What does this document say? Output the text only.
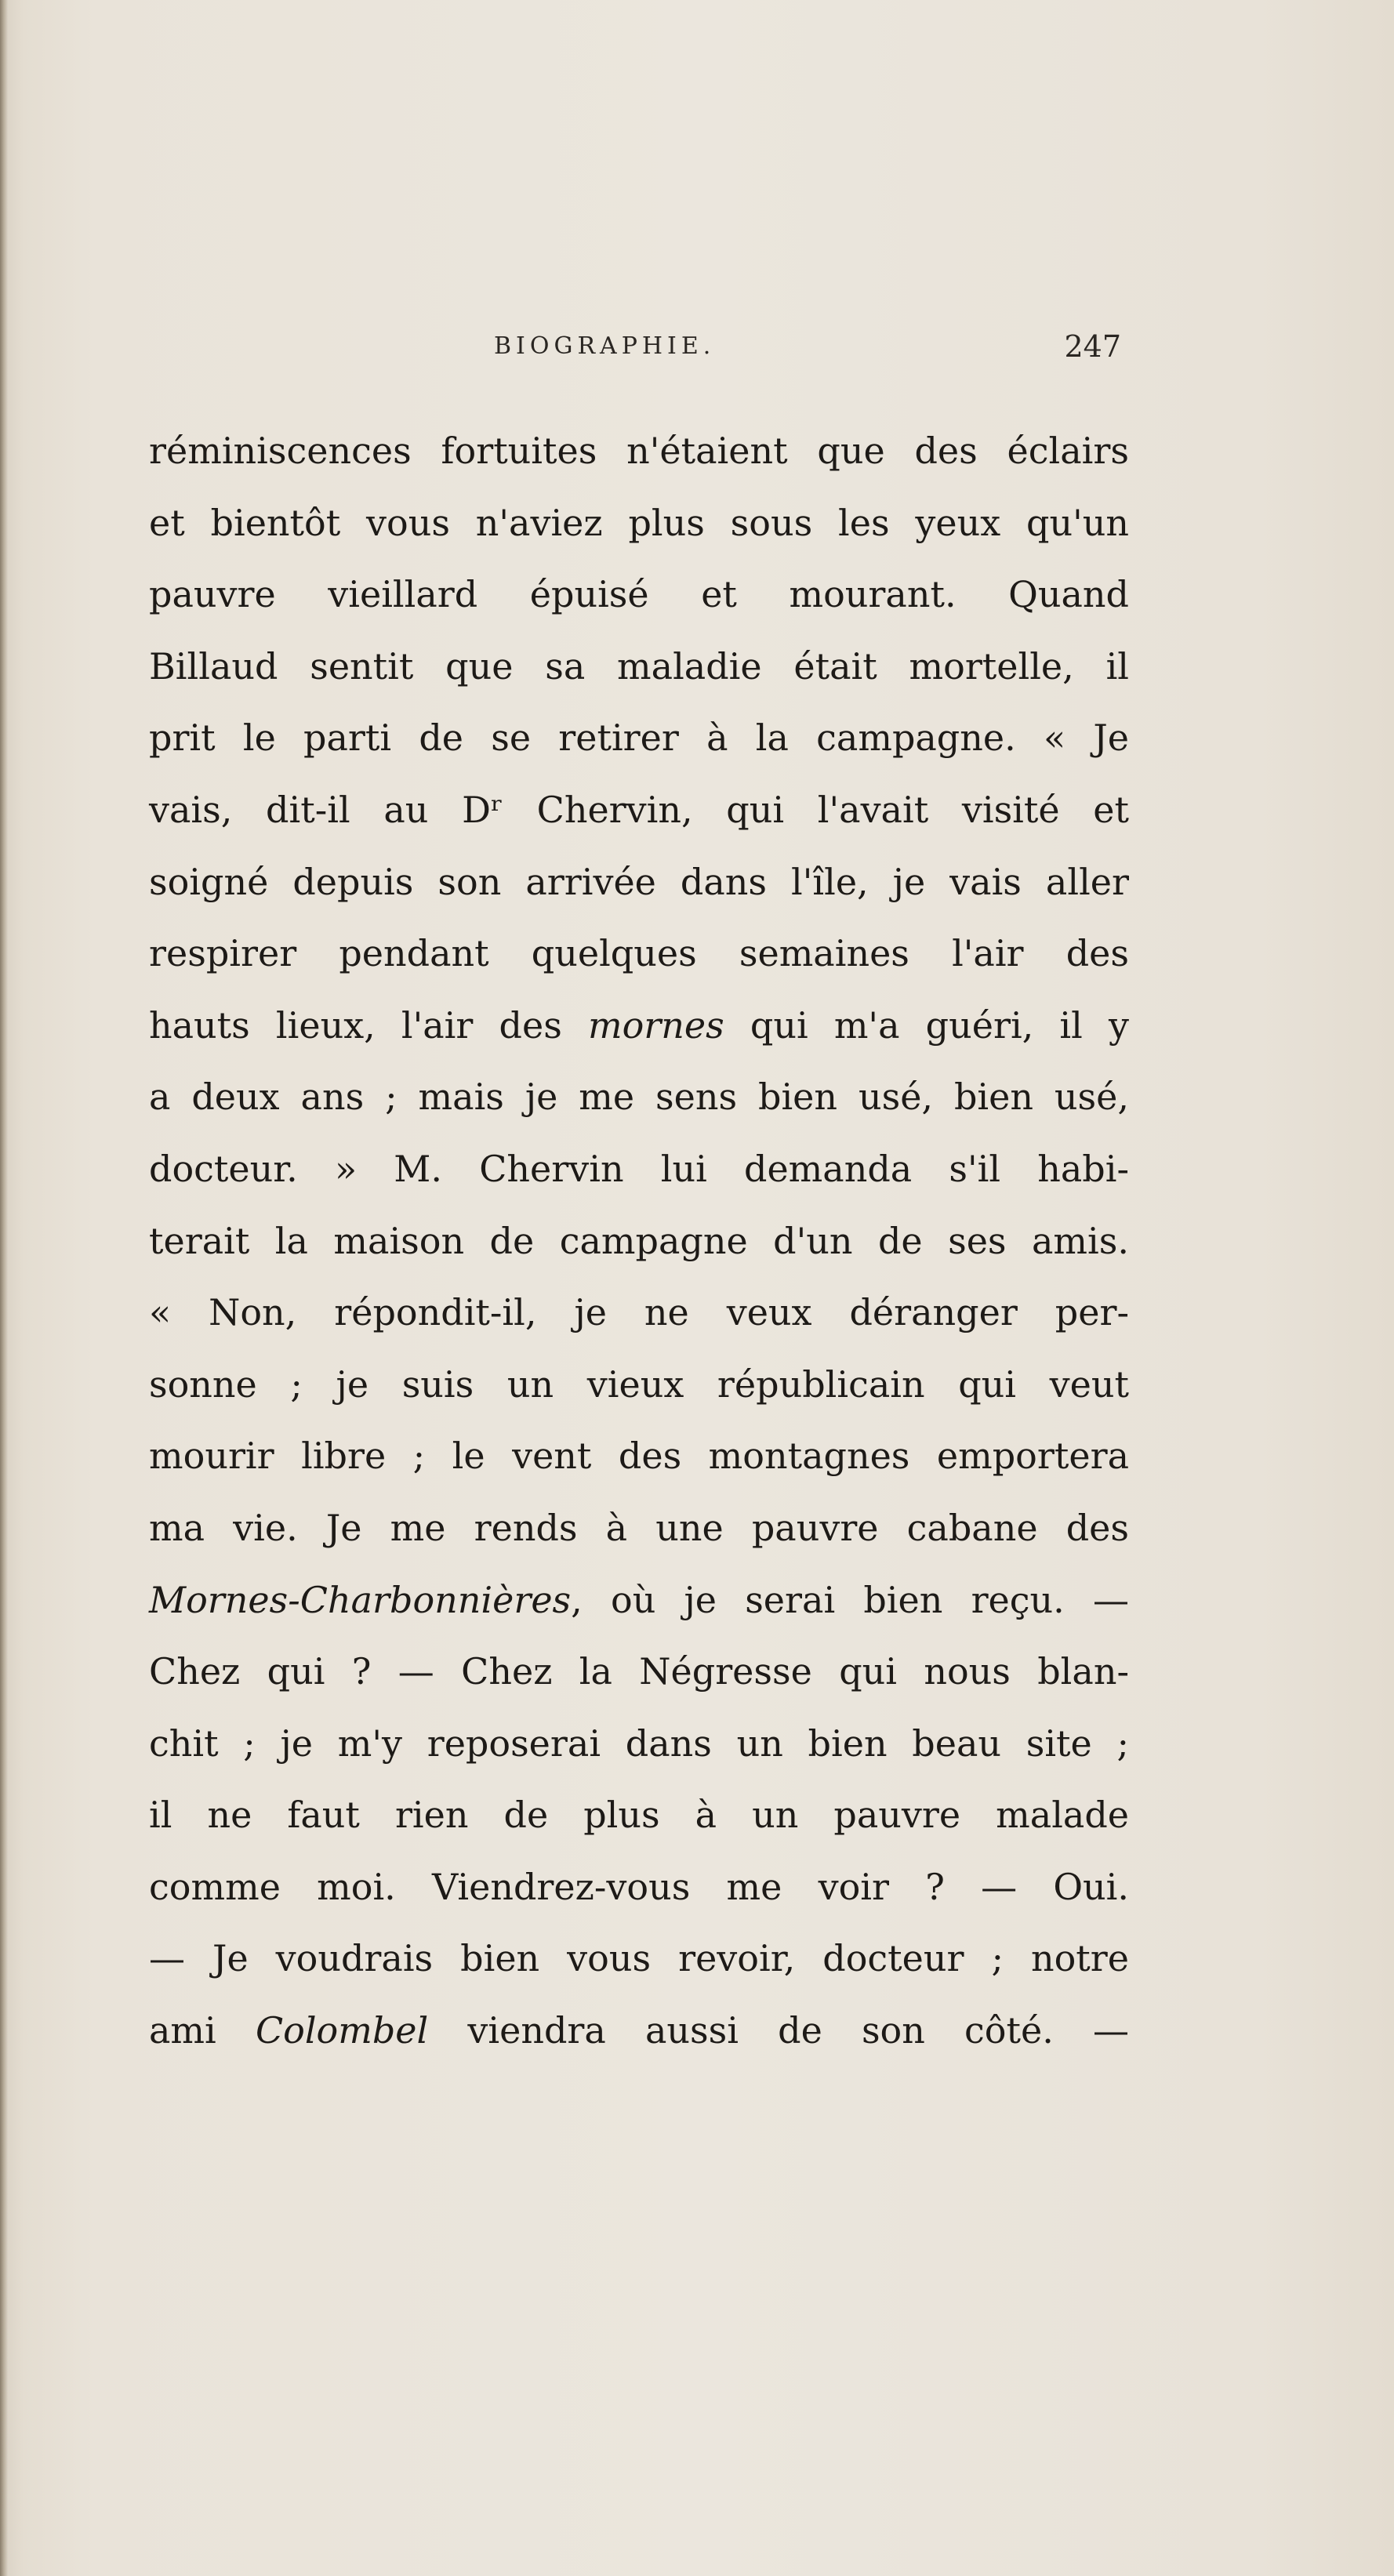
BIOGRAPHIE.	247
réminiscences fortuites n'étaient que des éclairs
et bientôt vous n'aviez plus sous les yeux qu'un
pauvre vieillard épuisé et mourant. Quand
Billaud sentit que sa maladie était mortelle, il
prit le parti de se retirer à la campagne. « Je
vais, dit-il au Dʳ Chervin, qui l'avait visité et
soigné depuis son arrivée dans l'île, je vais aller
respirer pendant quelques semaines l'air des
hauts lieux, l'air des mornes qui m'a guéri, il y
a deux ans ; mais je me sens bien usé, bien usé,
docteur. » M. Chervin lui demanda s'il habi-
terait la maison de campagne d'un de ses amis.
« Non, répondit-il, je ne veux déranger per-
sonne ; je suis un vieux républicain qui veut
mourir libre ; le vent des montagnes emportera
ma vie. Je me rends à une pauvre cabane des
Mornes-Charbonnières, où je serai bien reçu. —
Chez qui ? — Chez la Négresse qui nous blan-
chit ; je m'y reposerai dans un bien beau site ;
il ne faut rien de plus à un pauvre malade
comme moi. Viendrez-vous me voir ? — Oui.
— Je voudrais bien vous revoir, docteur ; notre
ami Colombel viendra aussi de son côté. —
